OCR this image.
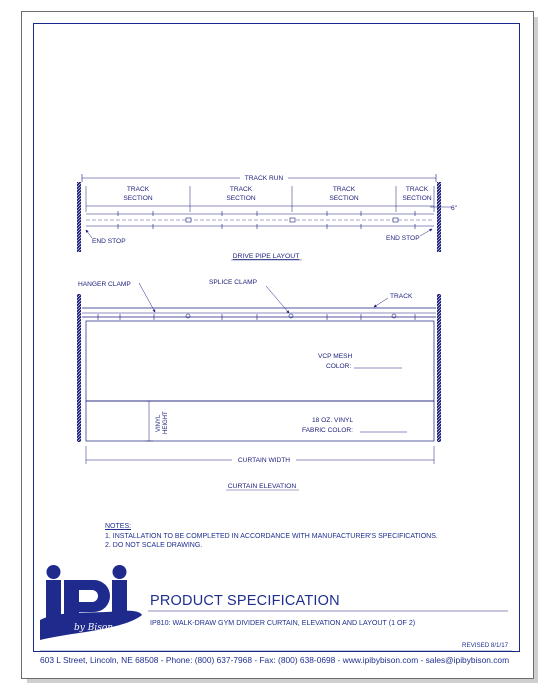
TRACK RUN
TRACK
SECTION
TRACK
SECTION
TRACK
SECTION
TRACK
SECTION
6"
END STOP	END STOP
DRIVE PIPE LAYOUT
HANGER CLAMP	SPLICE CLAMP
TRACK
VCP MESH
COLOR:
VINYL HEIGHT	18 OZ. VINYL
FABRIC COLOR:
CURTAIN WIDTH
CURTAIN ELEVATION
by Bison
NOTES:
1. INSTALLATION TO BE COMPLETED IN ACCORDANCE WITH MANUFACTURER'S SPECIFICATIONS.
2. DO NOT SCALE DRAWING.
PRODUCT SPECIFICATION
IP810: WALK-DRAW GYM DIVIDER CURTAIN, ELEVATION AND LAYOUT (1 OF 2)
REVISED 8/1/17
603 L Street, Lincoln, NE 68508 - Phone: (800) 637-7968 - Fax: (800) 638-0698 - www.ipibybison.com - sales@ipibybison.com
